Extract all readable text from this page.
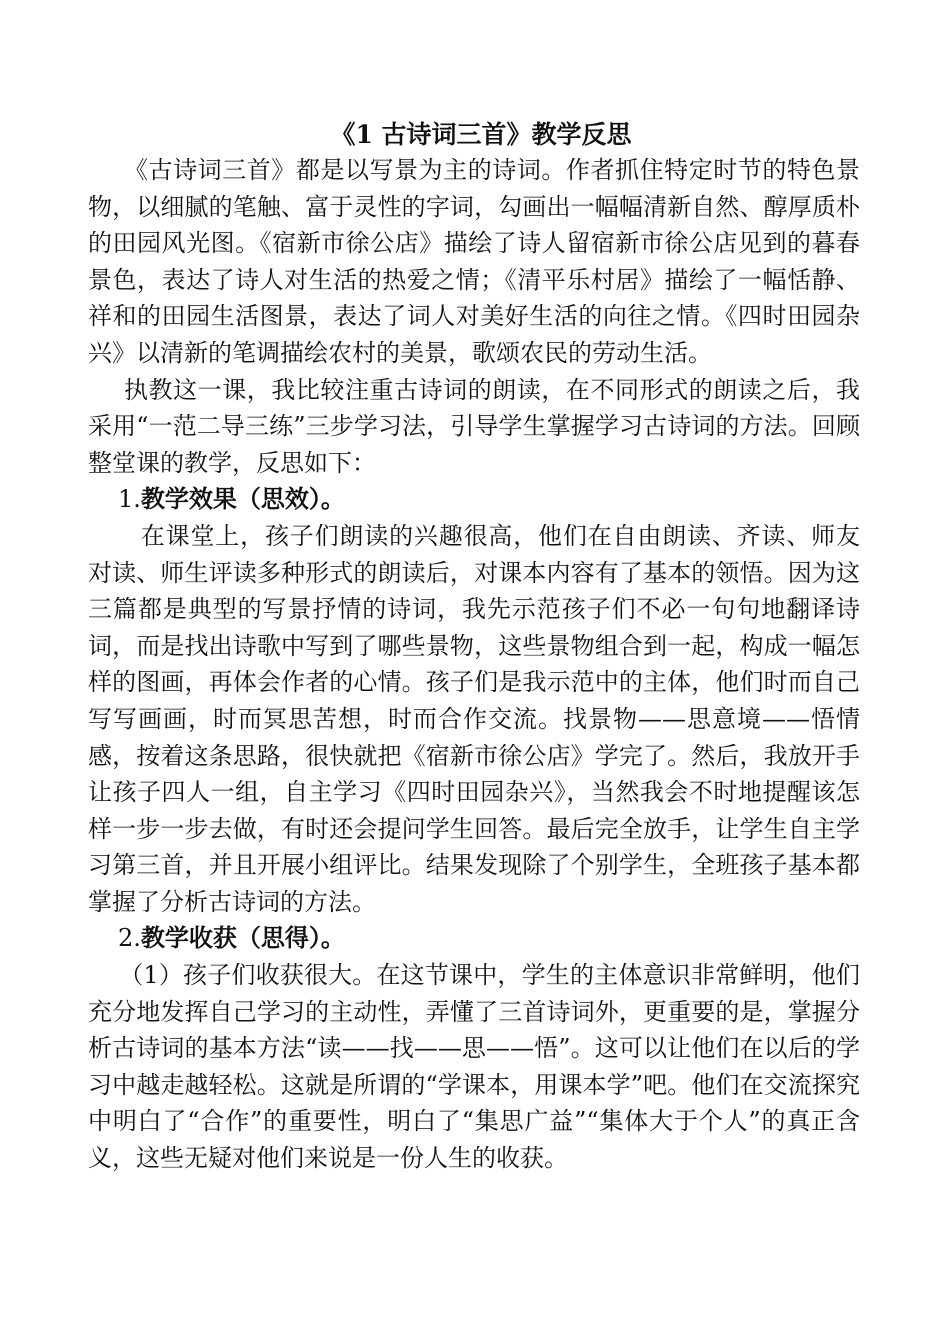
《1 古诗词三首》教学反思

《古诗词三首》都是以写景为主的诗词。作者抓住特定时节的特色景物，以细腻的笔触、富于灵性的字词，勾画出一幅幅清新自然、醇厚质朴的田园风光图。《宿新市徐公店》描绘了诗人留宿新市徐公店见到的暮春景色，表达了诗人对生活的热爱之情；《清平乐村居》描绘了一幅恬静、祥和的田园生活图景，表达了词人对美好生活的向往之情。《四时田园杂兴》以清新的笔调描绘农村的美景，歌颂农民的劳动生活。

执教这一课，我比较注重古诗词的朗读，在不同形式的朗读之后，我采用“一范二导三练”三步学习法，引导学生掌握学习古诗词的方法。回顾整堂课的教学，反思如下：

1.教学效果（思效）。

在课堂上，孩子们朗读的兴趣很高，他们在自由朗读、齐读、师友对读、师生评读多种形式的朗读后，对课本内容有了基本的领悟。因为这三篇都是典型的写景抒情的诗词，我先示范孩子们不必一句句地翻译诗词，而是找出诗歌中写到了哪些景物，这些景物组合到一起，构成一幅怎样的图画，再体会作者的心情。孩子们是我示范中的主体，他们时而自己写写画画，时而冥思苦想，时而合作交流。找景物——思意境——悟情感，按着这条思路，很快就把《宿新市徐公店》学完了。然后，我放开手让孩子四人一组，自主学习《四时田园杂兴》，当然我会不时地提醒该怎样一步一步去做，有时还会提问学生回答。最后完全放手，让学生自主学习第三首，并且开展小组评比。结果发现除了个别学生，全班孩子基本都掌握了分析古诗词的方法。

2.教学收获（思得）。

（1）孩子们收获很大。在这节课中，学生的主体意识非常鲜明，他们充分地发挥自己学习的主动性，弄懂了三首诗词外，更重要的是，掌握分析古诗词的基本方法“读——找——思——悟”。这可以让他们在以后的学习中越走越轻松。这就是所谓的“学课本，用课本学”吧。他们在交流探究中明白了“合作”的重要性，明白了“集思广益”“集体大于个人”的真正含义，这些无疑对他们来说是一份人生的收获。
